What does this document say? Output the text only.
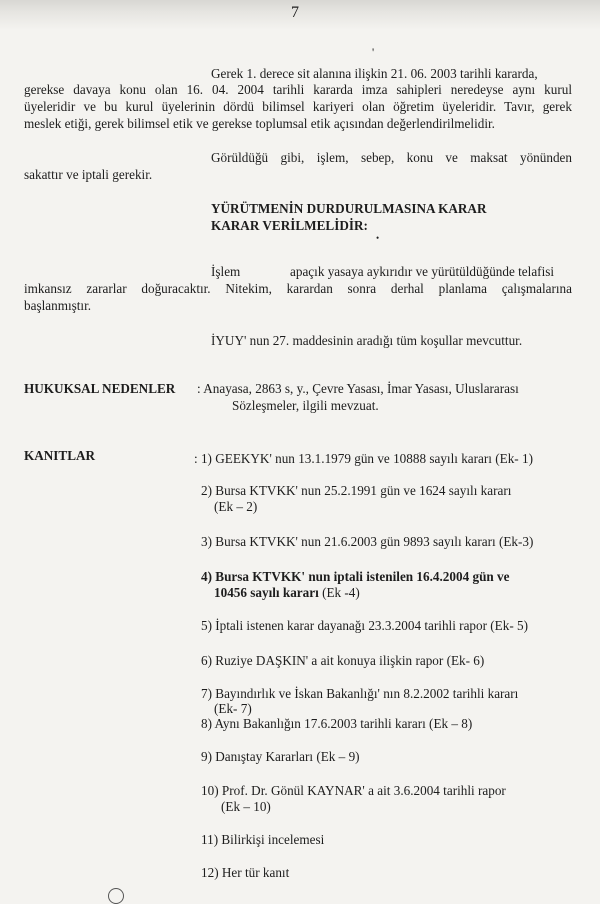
7
'
Gerek 1. derece sit alanına ilişkin 21. 06. 2003 tarihli kararda,
gerekse davaya konu olan 16. 04. 2004 tarihli kararda imza sahipleri neredeyse aynı kurul
üyeleridir ve bu kurul üyelerinin dördü bilimsel kariyeri olan öğretim üyeleridir. Tavır, gerek
meslek etiği, gerek bilimsel etik ve gerekse toplumsal etik açısından değerlendirilmelidir.
Görüldüğü gibi, işlem, sebep, konu ve maksat yönünden
sakattır ve iptali gerekir.
YÜRÜTMENİN DURDURULMASINA KARAR
KARAR VERİLMELİDİR:
•
İşlem	apaçık yasaya aykırıdır ve yürütüldüğünde telafisi
imkansız zararlar doğuracaktır. Nitekim, karardan sonra derhal planlama çalışmalarına
başlanmıştır.
İYUY' nun 27. maddesinin aradığı tüm koşullar mevcuttur.
HUKUKSAL NEDENLER : Anayasa, 2863 s, y., Çevre Yasası, İmar Yasası, Uluslararası
Sözleşmeler, ilgili mevzuat.
KANITLAR	: 1) GEEKYK' nun 13.1.1979 gün ve 10888 sayılı kararı (Ek- 1)
2) Bursa KTVKK' nun 25.2.1991 gün ve 1624 sayılı kararı
(Ek – 2)
3) Bursa KTVKK' nun 21.6.2003 gün 9893 sayılı kararı (Ek-3)
4) Bursa KTVKK' nun iptali istenilen 16.4.2004 gün ve
10456 sayılı kararı (Ek -4)
5) İptali istenen karar dayanağı 23.3.2004 tarihli rapor (Ek- 5)
6) Ruziye DAŞKIN' a ait konuya ilişkin rapor (Ek- 6)
7) Bayındırlık ve İskan Bakanlığı' nın 8.2.2002 tarihli kararı
(Ek- 7)
8) Aynı Bakanlığın 17.6.2003 tarihli kararı (Ek – 8)
9) Danıştay Kararları (Ek – 9)
10) Prof. Dr. Gönül KAYNAR' a ait 3.6.2004 tarihli rapor
(Ek – 10)
11) Bilirkişi incelemesi
12) Her tür kanıt
